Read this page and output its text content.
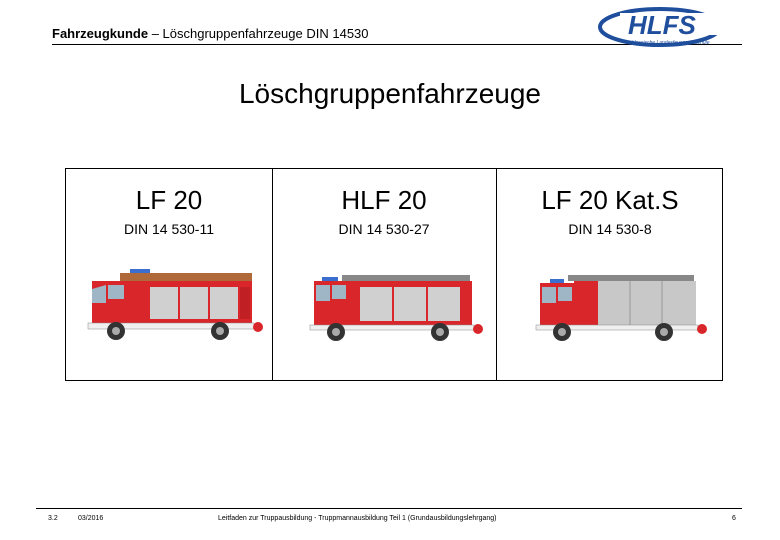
Fahrzeugkunde – Löschgruppenfahrzeuge DIN 14530	HLFS
Hessische Landesfeuerwehrschule
Löschgruppenfahrzeuge
LF 20
DIN 14 530-11
HLF 20
DIN 14 530-27
LF 20 Kat.S
DIN 14 530-8
3.2	03/2016	Leitfaden zur Truppausbildung - Truppmannausbildung Teil 1 (Grundausbildungslehrgang)	6
